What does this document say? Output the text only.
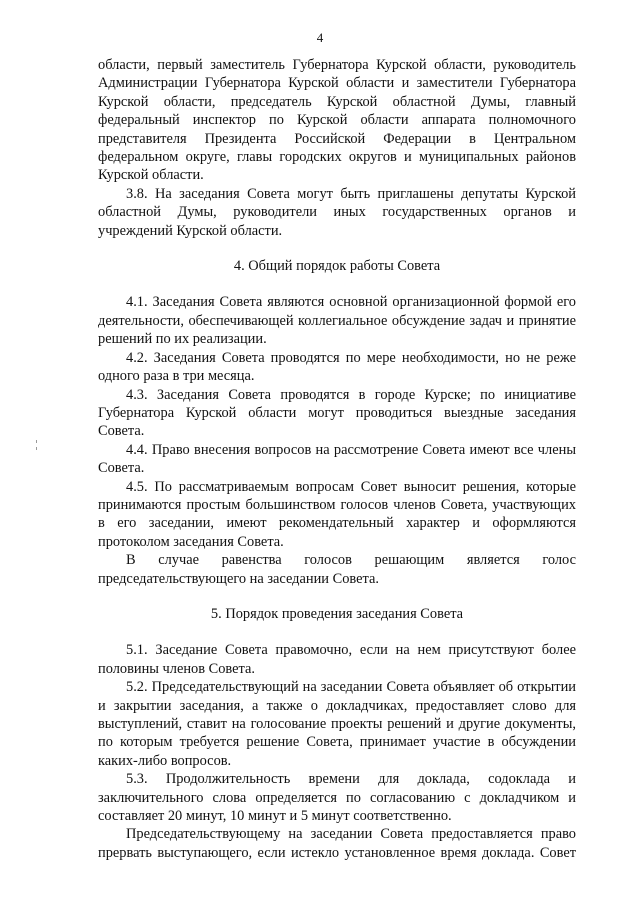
4

области, первый заместитель Губернатора Курской области, руководитель Администрации Губернатора Курской области и заместители Губернатора Курской области, председатель Курской областной Думы, главный федеральный инспектор по Курской области аппарата полномочного представителя Президента Российской Федерации в Центральном федеральном округе, главы городских округов и муниципальных районов Курской области.

3.8. На заседания Совета могут быть приглашены депутаты Курской областной Думы, руководители иных государственных органов и учреждений Курской области.

4. Общий порядок работы Совета

4.1. Заседания Совета являются основной организационной формой его деятельности, обеспечивающей коллегиальное обсуждение задач и принятие решений по их реализации.

4.2. Заседания Совета проводятся по мере необходимости, но не реже одного раза в три месяца.

4.3. Заседания Совета проводятся в городе Курске; по инициативе Губернатора Курской области могут проводиться выездные заседания Совета.

4.4. Право внесения вопросов на рассмотрение Совета имеют все члены Совета.

4.5. По рассматриваемым вопросам Совет выносит решения, которые принимаются простым большинством голосов членов Совета, участвующих в его заседании, имеют рекомендательный характер и оформляются протоколом заседания Совета.

В случае равенства голосов решающим является голос председательствующего на заседании Совета.

5. Порядок проведения заседания Совета

5.1. Заседание Совета правомочно, если на нем присутствуют более половины членов Совета.

5.2. Председательствующий на заседании Совета объявляет об открытии и закрытии заседания, а также о докладчиках, предоставляет слово для выступлений, ставит на голосование проекты решений и другие документы, по которым требуется решение Совета, принимает участие в обсуждении каких-либо вопросов.

5.3. Продолжительность времени для доклада, содоклада и заключительного слова определяется по согласованию с докладчиком и составляет 20 минут, 10 минут и 5 минут соответственно.

Председательствующему на заседании Совета предоставляется право прервать выступающего, если истекло установленное время доклада. Совет
